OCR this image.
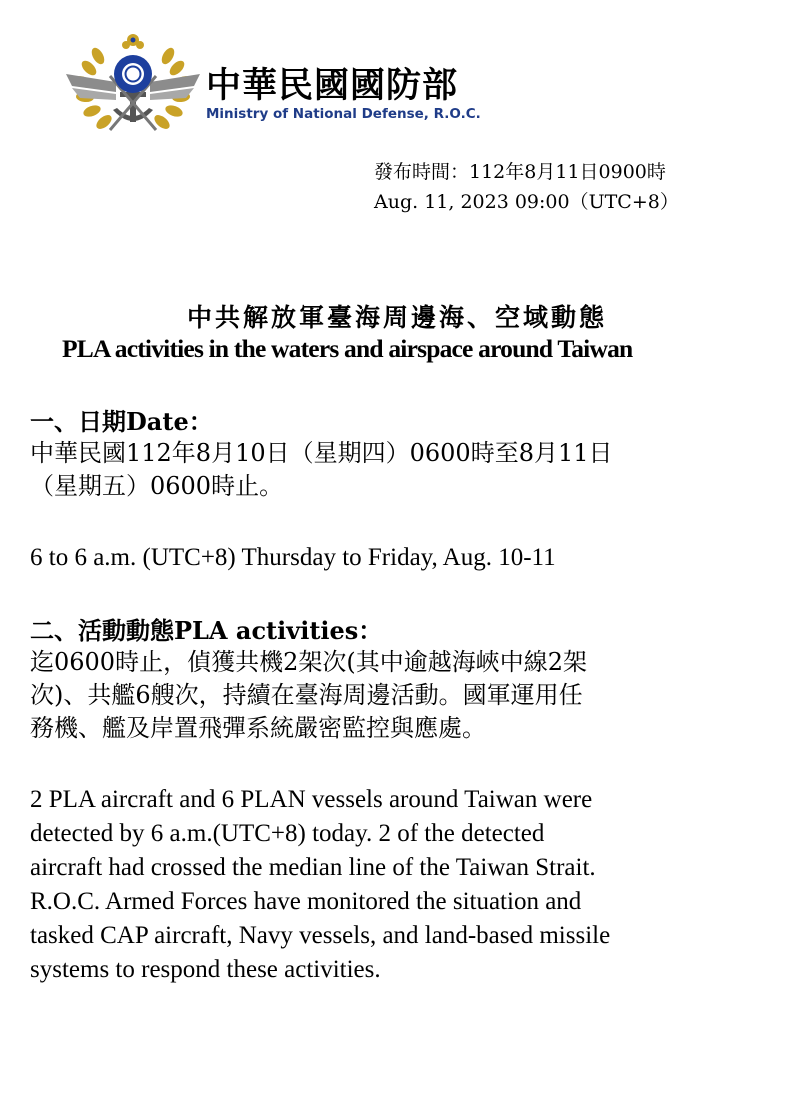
中華民國國防部
Ministry of National Defense, R.O.C.
發布時間：112年8月11日0900時
Aug. 11, 2023 09:00（UTC+8）
中共解放軍臺海周邊海、空域動態
PLA activities in the waters and airspace around Taiwan
一、日期Date：
中華民國112年8月10日（星期四）0600時至8月11日
（星期五）0600時止。
6 to 6 a.m. (UTC+8) Thursday to Friday, Aug. 10-11
二、活動動態PLA activities：
迄0600時止，偵獲共機2架次(其中逾越海峽中線2架
次)、共艦6艘次，持續在臺海周邊活動。國軍運用任
務機、艦及岸置飛彈系統嚴密監控與應處。
2 PLA aircraft and 6 PLAN vessels around Taiwan were
detected by 6 a.m.(UTC+8) today. 2 of the detected
aircraft had crossed the median line of the Taiwan Strait.
R.O.C. Armed Forces have monitored the situation and
tasked CAP aircraft, Navy vessels, and land-based missile
systems to respond these activities.
